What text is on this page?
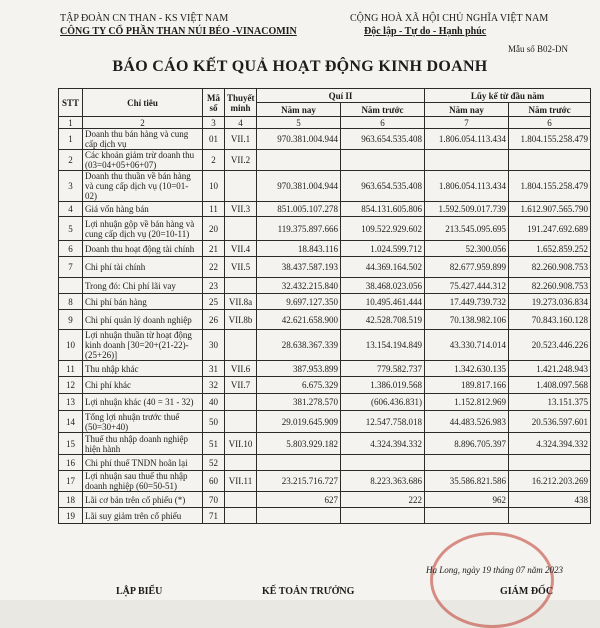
TẬP ĐOÀN CN THAN - KS VIỆT NAM
CÔNG TY CỔ PHẦN THAN NÚI BÉO -VINACOMIN
CỘNG HOÀ XÃ HỘI CHỦ NGHĨA VIỆT NAM
Độc lập - Tự do - Hạnh phúc
Mẫu số B02-DN
BÁO CÁO KẾT QUẢ HOẠT ĐỘNG KINH DOANH
STT	Chỉ tiêu	Mã số	Thuyết minh	Quí II		Lũy kế từ đầu năm	
				Năm nay	Năm trước	Năm nay	Năm trước
1	2	3	4	5	6	7	6
1	Doanh thu bán hàng và cung cấp dịch vụ	01	VII.1	970.381.004.944	963.654.535.408	1.806.054.113.434	1.804.155.258.479
2	Các khoản giảm trừ doanh thu (03=04+05+06+07)	2	VII.2				
3	Doanh thu thuần về bán hàng và cung cấp dịch vụ (10=01-02)	10		970.381.004.944	963.654.535.408	1.806.054.113.434	1.804.155.258.479
4	Giá vốn hàng bán	11	VII.3	851.005.107.278	854.131.605.806	1.592.509.017.739	1.612.907.565.790
5	Lợi nhuận gộp về bán hàng và cung cấp dịch vụ (20=10-11)	20		119.375.897.666	109.522.929.602	213.545.095.695	191.247.692.689
6	Doanh thu hoạt động tài chính	21	VII.4	18.843.116	1.024.599.712	52.300.056	1.652.859.252
7	Chi phí tài chính	22	VII.5	38.437.587.193	44.369.164.502	82.677.959.899	82.260.908.753
	Trong đó: Chi phí lãi vay	23		32.432.215.840	38.468.023.056	75.427.444.312	82.260.908.753
8	Chi phí bán hàng	25	VII.8a	9.697.127.350	10.495.461.444	17.449.739.732	19.273.036.834
9	Chi phí quản lý doanh nghiệp	26	VII.8b	42.621.658.900	42.528.708.519	70.138.982.106	70.843.160.128
10	Lợi nhuận thuần từ hoạt động kinh doanh [30=20+(21-22)-(25+26)]	30		28.638.367.339	13.154.194.849	43.330.714.014	20.523.446.226
11	Thu nhập khác	31	VII.6	387.953.899	779.582.737	1.342.630.135	1.421.248.943
12	Chi phí khác	32	VII.7	6.675.329	1.386.019.568	189.817.166	1.408.097.568
13	Lợi nhuận khác (40 = 31 - 32)	40		381.278.570	(606.436.831)	1.152.812.969	13.151.375
14	Tổng lợi nhuận trước thuế (50=30+40)	50		29.019.645.909	12.547.758.018	44.483.526.983	20.536.597.601
15	Thuế thu nhập doanh nghiệp hiện hành	51	VII.10	5.803.929.182	4.324.394.332	8.896.705.397	4.324.394.332
16	Chi phí thuế TNDN hoãn lại	52					
17	Lợi nhuận sau thuế thu nhập doanh nghiệp (60=50-51)	60	VII.11	23.215.716.727	8.223.363.686	35.586.821.586	16.212.203.269
18	Lãi cơ bản trên cổ phiếu (*)	70		627	222	962	438
19	Lãi suy giảm trên cổ phiếu	71					
Hạ Long, ngày 19 tháng 07 năm 2023
LẬP BIỂU	KẾ TOÁN TRƯỞNG	GIÁM ĐỐC
